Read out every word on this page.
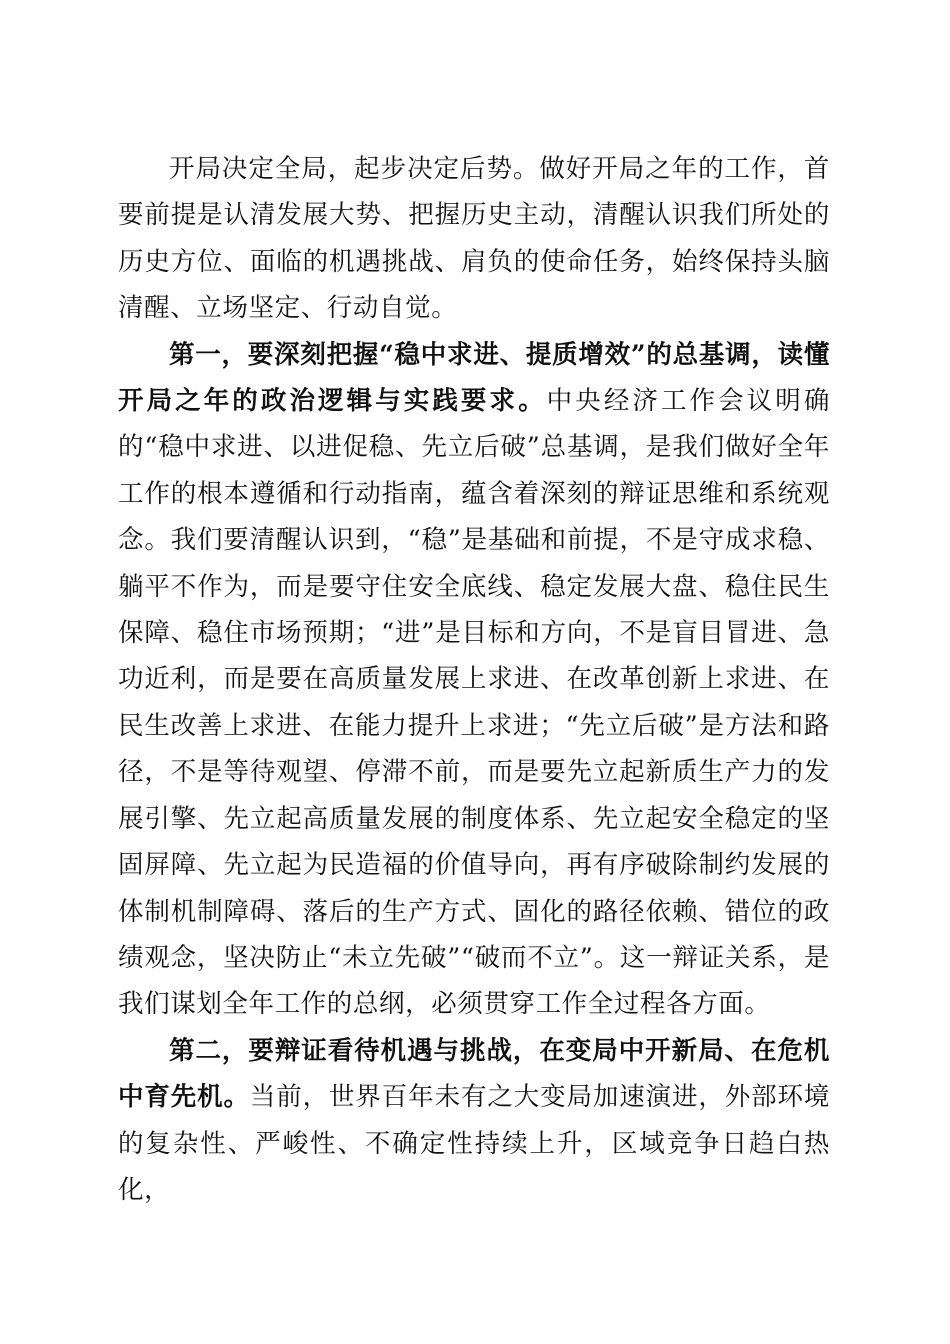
开局决定全局，起步决定后势。做好开局之年的工作，首要前提是认清发展大势、把握历史主动，清醒认识我们所处的历史方位、面临的机遇挑战、肩负的使命任务，始终保持头脑清醒、立场坚定、行动自觉。

第一，要深刻把握“稳中求进、提质增效”的总基调，读懂开局之年的政治逻辑与实践要求。中央经济工作会议明确的“稳中求进、以进促稳、先立后破”总基调，是我们做好全年工作的根本遵循和行动指南，蕴含着深刻的辩证思维和系统观念。我们要清醒认识到，“稳”是基础和前提，不是守成求稳、躺平不作为，而是要守住安全底线、稳定发展大盘、稳住民生保障、稳住市场预期；“进”是目标和方向，不是盲目冒进、急功近利，而是要在高质量发展上求进、在改革创新上求进、在民生改善上求进、在能力提升上求进；“先立后破”是方法和路径，不是等待观望、停滞不前，而是要先立起新质生产力的发展引擎、先立起高质量发展的制度体系、先立起安全稳定的坚固屏障、先立起为民造福的价值导向，再有序破除制约发展的体制机制障碍、落后的生产方式、固化的路径依赖、错位的政绩观念，坚决防止“未立先破”“破而不立”。这一辩证关系，是我们谋划全年工作的总纲，必须贯穿工作全过程各方面。

第二，要辩证看待机遇与挑战，在变局中开新局、在危机中育先机。当前，世界百年未有之大变局加速演进，外部环境的复杂性、严峻性、不确定性持续上升，区域竞争日趋白热化，
